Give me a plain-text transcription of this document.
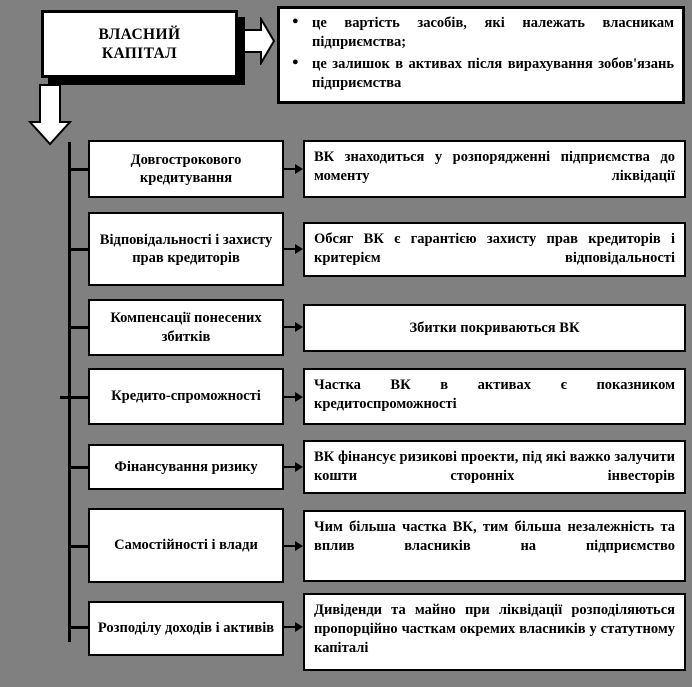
ВЛАСНИЙ
КАПІТАЛ
● це вартість засобів, які належать власникам підприємства;
● це залишок в активах після вирахування зобов'язань підприємства
Довгострокового кредитування
ВК знаходиться у розпорядженні підприємства до моменту ліквідації
Відповідальності і захисту прав кредиторів
Обсяг ВК є гарантією захисту прав кредиторів і критерієм відповідальності
Компенсації понесених збитків
Збитки покриваються ВК
Кредито-спроможності
Частка ВК в активах є показником кредитоспроможності
Фінансування ризику
ВК фінансує ризикові проекти, під які важко залучити кошти сторонніх інвесторів
Самостійності і влади
Чим більша частка ВК, тим більша незалежність та вплив власників на підприємство
Розподілу доходів і активів
Дивіденди та майно при ліквідації розподіляються пропорційно часткам окремих власників у статутному капіталі
